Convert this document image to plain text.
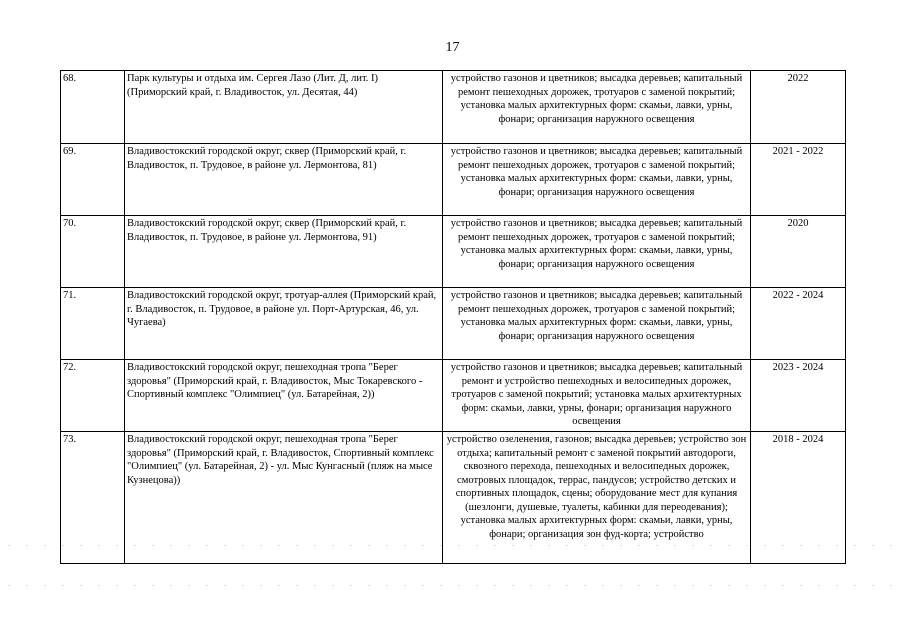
17
68.	Парк культуры и отдыха им. Сергея Лазо (Лит. Д, лит. I) (Приморский край, г. Владивосток, ул. Десятая, 44)	устройство газонов и цветников; высадка деревьев; капитальный ремонт пешеходных дорожек, тротуаров с заменой покрытий; установка малых архитектурных форм: скамьи, лавки, урны, фонари; организация наружного освещения	2022
69.	Владивостокский городской округ, сквер (Приморский край, г. Владивосток, п. Трудовое, в районе ул. Лермонтова, 81)	устройство газонов и цветников; высадка деревьев; капитальный ремонт пешеходных дорожек, тротуаров с заменой покрытий; установка малых архитектурных форм: скамьи, лавки, урны, фонари; организация наружного освещения	2021 - 2022
70.	Владивостокский городской округ, сквер (Приморский край, г. Владивосток, п. Трудовое, в районе ул. Лермонтова, 91)	устройство газонов и цветников; высадка деревьев; капитальный ремонт пешеходных дорожек, тротуаров с заменой покрытий; установка малых архитектурных форм: скамьи, лавки, урны, фонари; организация наружного освещения	2020
71.	Владивостокский городской округ, тротуар-аллея (Приморский край, г. Владивосток, п. Трудовое, в районе ул. Порт-Артурская, 46, ул. Чугаева)	устройство газонов и цветников; высадка деревьев; капитальный ремонт пешеходных дорожек, тротуаров с заменой покрытий; установка малых архитектурных форм: скамьи, лавки, урны, фонари; организация наружного освещения	2022 - 2024
72.	Владивостокский городской округ, пешеходная тропа "Берег здоровья" (Приморский край, г. Владивосток, Мыс Токаревского - Спортивный комплекс "Олимпиец" (ул. Батарейная, 2))	устройство газонов и цветников; высадка деревьев; капитальный ремонт и устройство пешеходных и велосипедных дорожек, тротуаров с заменой покрытий; установка малых архитектурных форм: скамьи, лавки, урны, фонари; организация наружного освещения	2023 - 2024
73.	Владивостокский городской округ, пешеходная тропа "Берег здоровья" (Приморский край, г. Владивосток, Спортивный комплекс "Олимпиец" (ул. Батарейная, 2) - ул. Мыс Кунгасный (пляж на мысе Кузнецова))	устройство озеленения, газонов; высадка деревьев; устройство зон отдыха; капитальный ремонт с заменой покрытий автодороги, сквозного перехода, пешеходных и велосипедных дорожек, смотровых площадок, террас, пандусов; устройство детских и спортивных площадок, сцены; оборудование мест для купания (шезлонги, душевые, туалеты, кабинки для переодевания); установка малых архитектурных форм: скамьи, лавки, урны, фонари; организация зон фуд-корта; устройство	2018 - 2024
